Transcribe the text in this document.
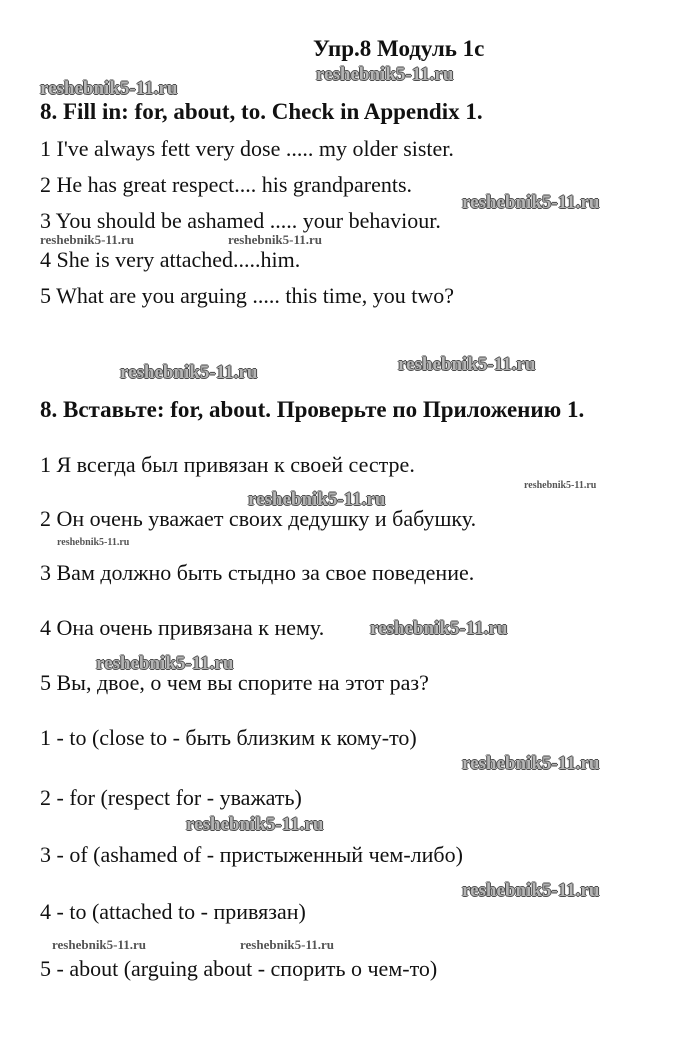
Упр.8 Модуль 1с
reshebnik5-11.ru
reshebnik5-11.ru
8. Fill in: for, about, to. Check in Appendix 1.
1 I've always fett very dose ..... my older sister.
2 He has great respect.... his grandparents.
reshebnik5-11.ru
3 You should be ashamed ..... your behaviour.
reshebnik5-11.ru	reshebnik5-11.ru
4 She is very attached.....him.
5 What are you arguing ..... this time, you two?
reshebnik5-11.ru
reshebnik5-11.ru
8. Вставьте: for, about. Проверьте по Приложению 1.
1 Я всегда был привязан к своей сестре.
reshebnik5-11.ru
reshebnik5-11.ru
2 Он очень уважает своих дедушку и бабушку.
reshebnik5-11.ru
3 Вам должно быть стыдно за свое поведение.
4 Она очень привязана к нему. reshebnik5-11.ru
reshebnik5-11.ru
5 Вы, двое, о чем вы спорите на этот раз?
1 - to (close to - быть близким к кому-то)
reshebnik5-11.ru
2 - for (respect for - уважать)
reshebnik5-11.ru
3 - of (ashamed of - пристыженный чем-либо)
reshebnik5-11.ru
4 - to (attached to - привязан)
reshebnik5-11.ru	reshebnik5-11.ru
5 - about (arguing about - спорить о чем-то)
